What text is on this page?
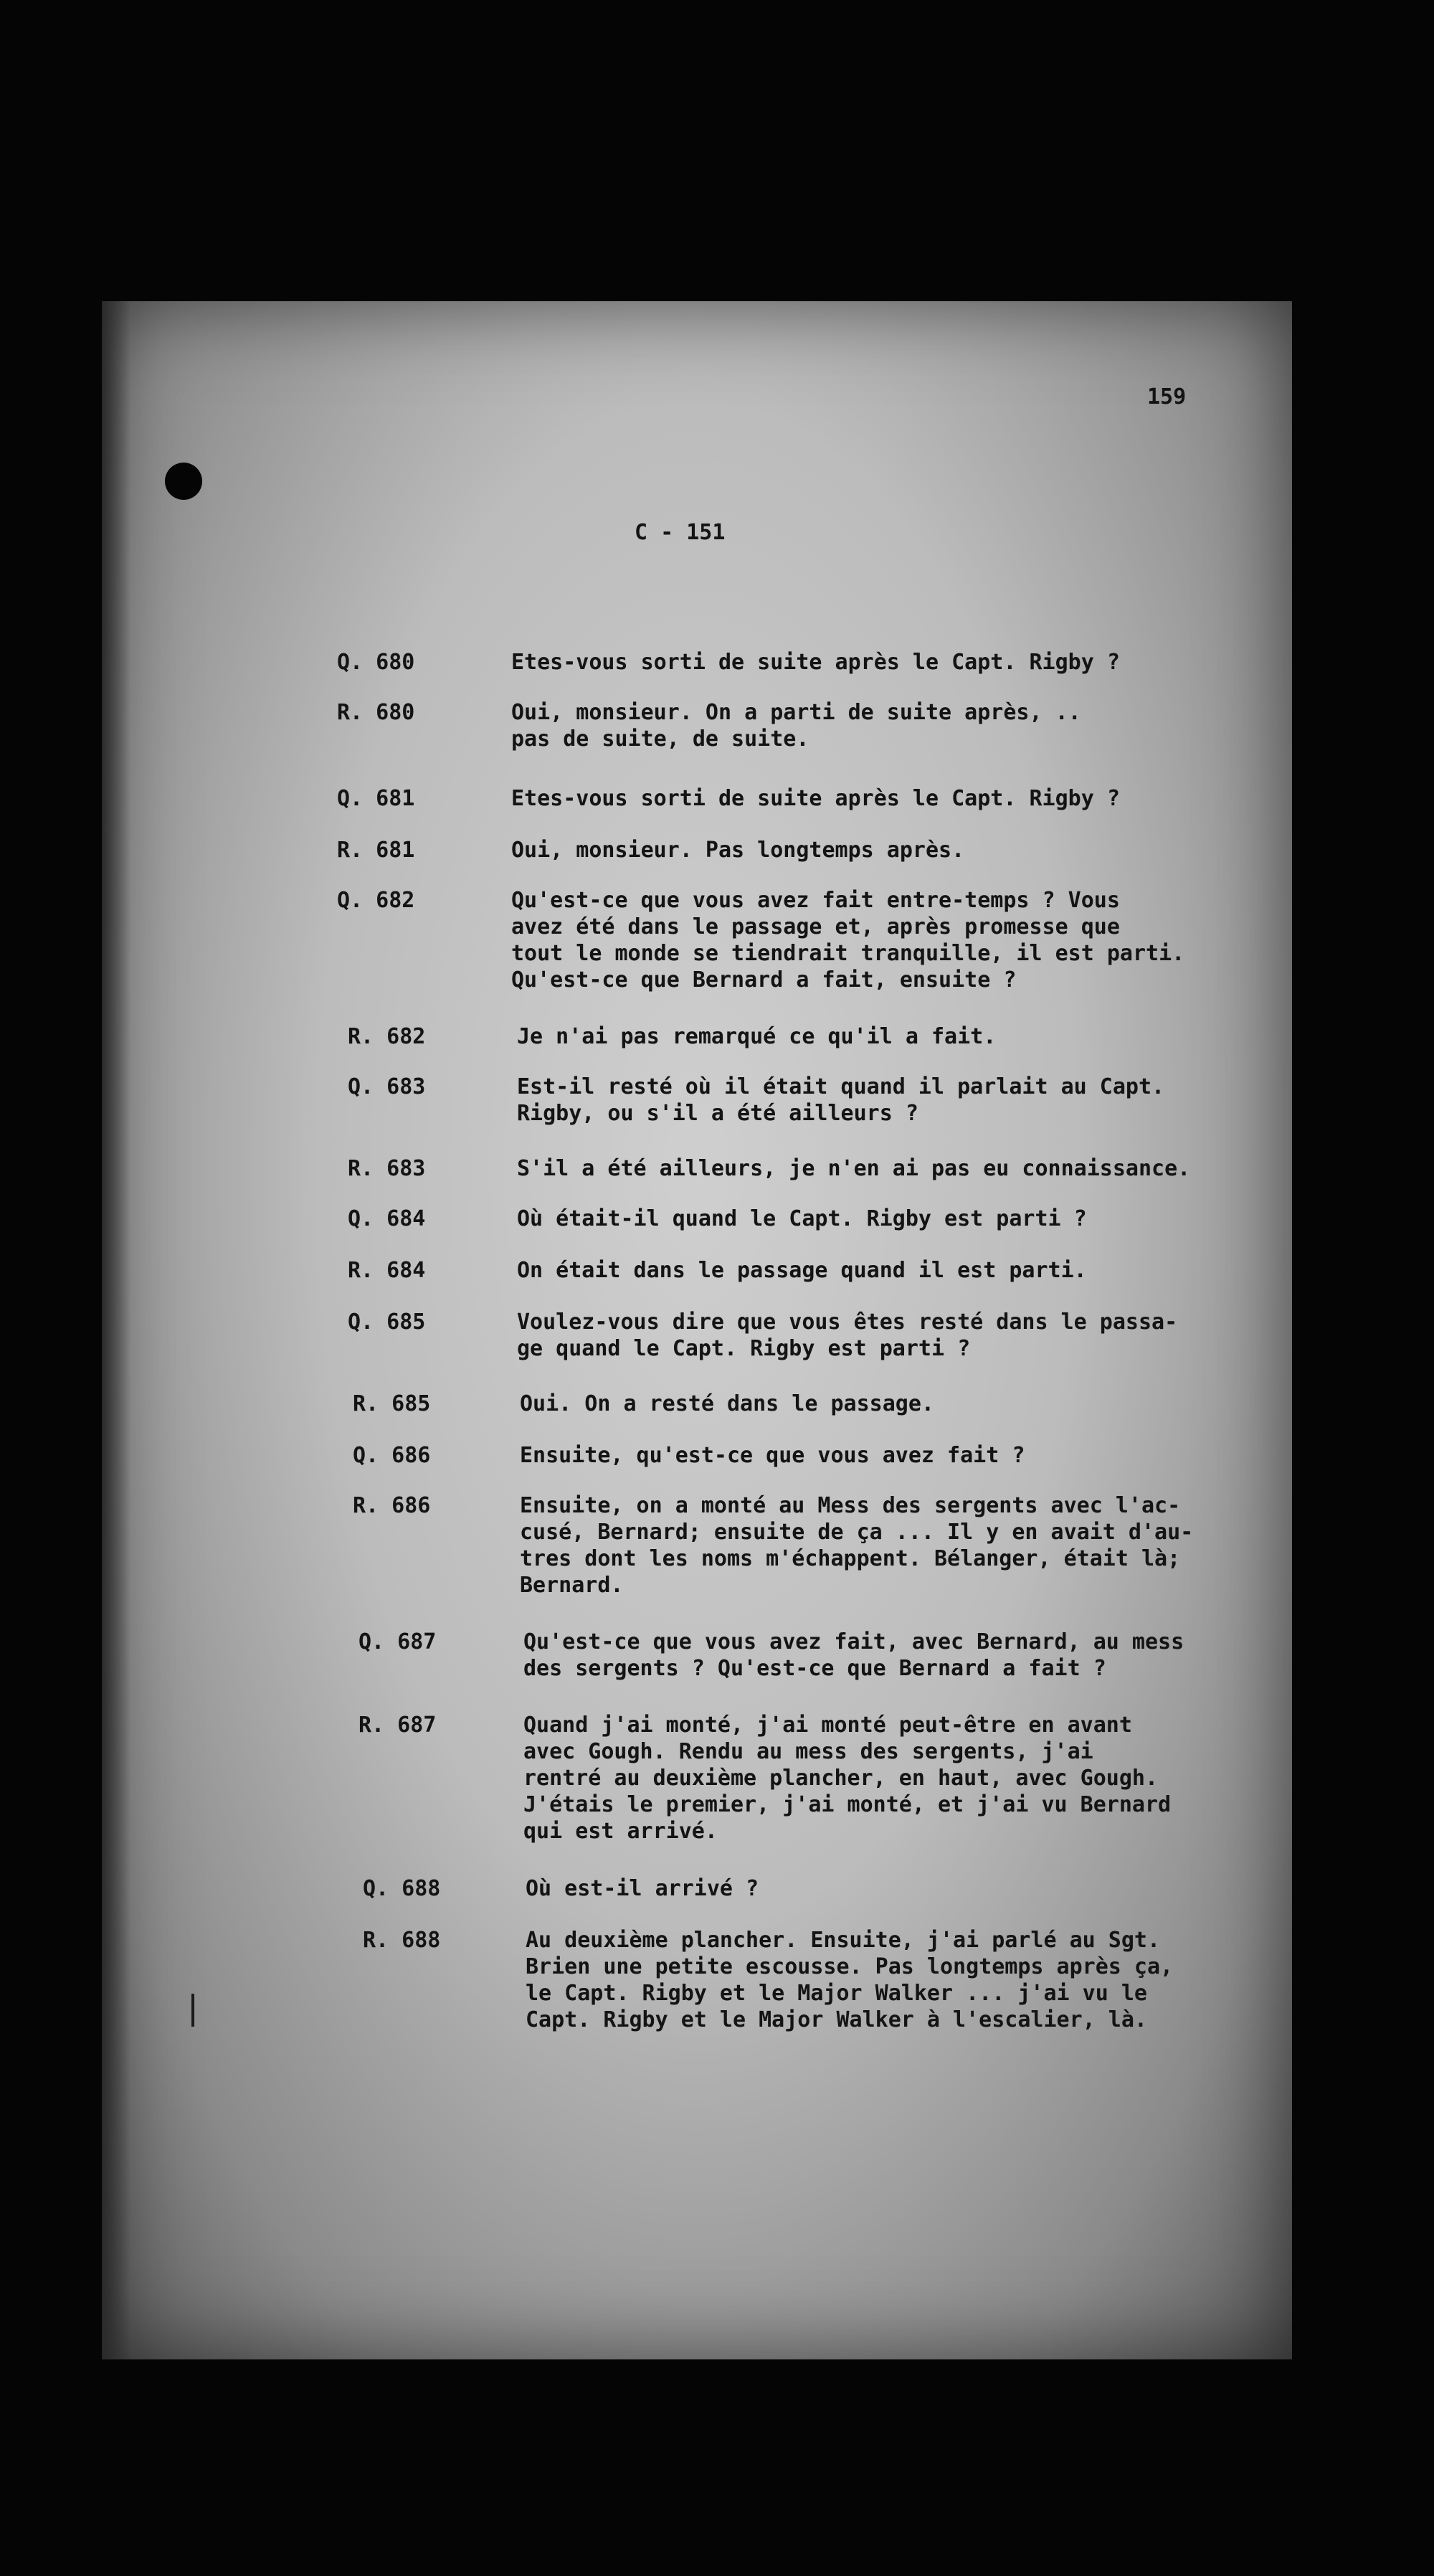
159
C - 151
Q. 680	Etes-vous sorti de suite après le Capt. Rigby ?
R. 680	Oui, monsieur. On a parti de suite après, ..
pas de suite, de suite.
Q. 681	Etes-vous sorti de suite après le Capt. Rigby ?
R. 681	Oui, monsieur. Pas longtemps après.
Q. 682	Qu'est-ce que vous avez fait entre-temps ? Vous
avez été dans le passage et, après promesse que
tout le monde se tiendrait tranquille, il est parti.
Qu'est-ce que Bernard a fait, ensuite ?
R. 682	Je n'ai pas remarqué ce qu'il a fait.
Q. 683	Est-il resté où il était quand il parlait au Capt.
Rigby, ou s'il a été ailleurs ?
R. 683	S'il a été ailleurs, je n'en ai pas eu connaissance.
Q. 684	Où était-il quand le Capt. Rigby est parti ?
R. 684	On était dans le passage quand il est parti.
Q. 685	Voulez-vous dire que vous êtes resté dans le passa-
ge quand le Capt. Rigby est parti ?
R. 685	Oui. On a resté dans le passage.
Q. 686	Ensuite, qu'est-ce que vous avez fait ?
R. 686	Ensuite, on a monté au Mess des sergents avec l'ac-
cusé, Bernard; ensuite de ça ... Il y en avait d'au-
tres dont les noms m'échappent. Bélanger, était là;
Bernard.
Q. 687	Qu'est-ce que vous avez fait, avec Bernard, au mess
des sergents ? Qu'est-ce que Bernard a fait ?
R. 687	Quand j'ai monté, j'ai monté peut-être en avant
avec Gough. Rendu au mess des sergents, j'ai
rentré au deuxième plancher, en haut, avec Gough.
J'étais le premier, j'ai monté, et j'ai vu Bernard
qui est arrivé.
Q. 688	Où est-il arrivé ?
R. 688	Au deuxième plancher. Ensuite, j'ai parlé au Sgt.
Brien une petite escousse. Pas longtemps après ça,
le Capt. Rigby et le Major Walker ... j'ai vu le
Capt. Rigby et le Major Walker à l'escalier, là.
